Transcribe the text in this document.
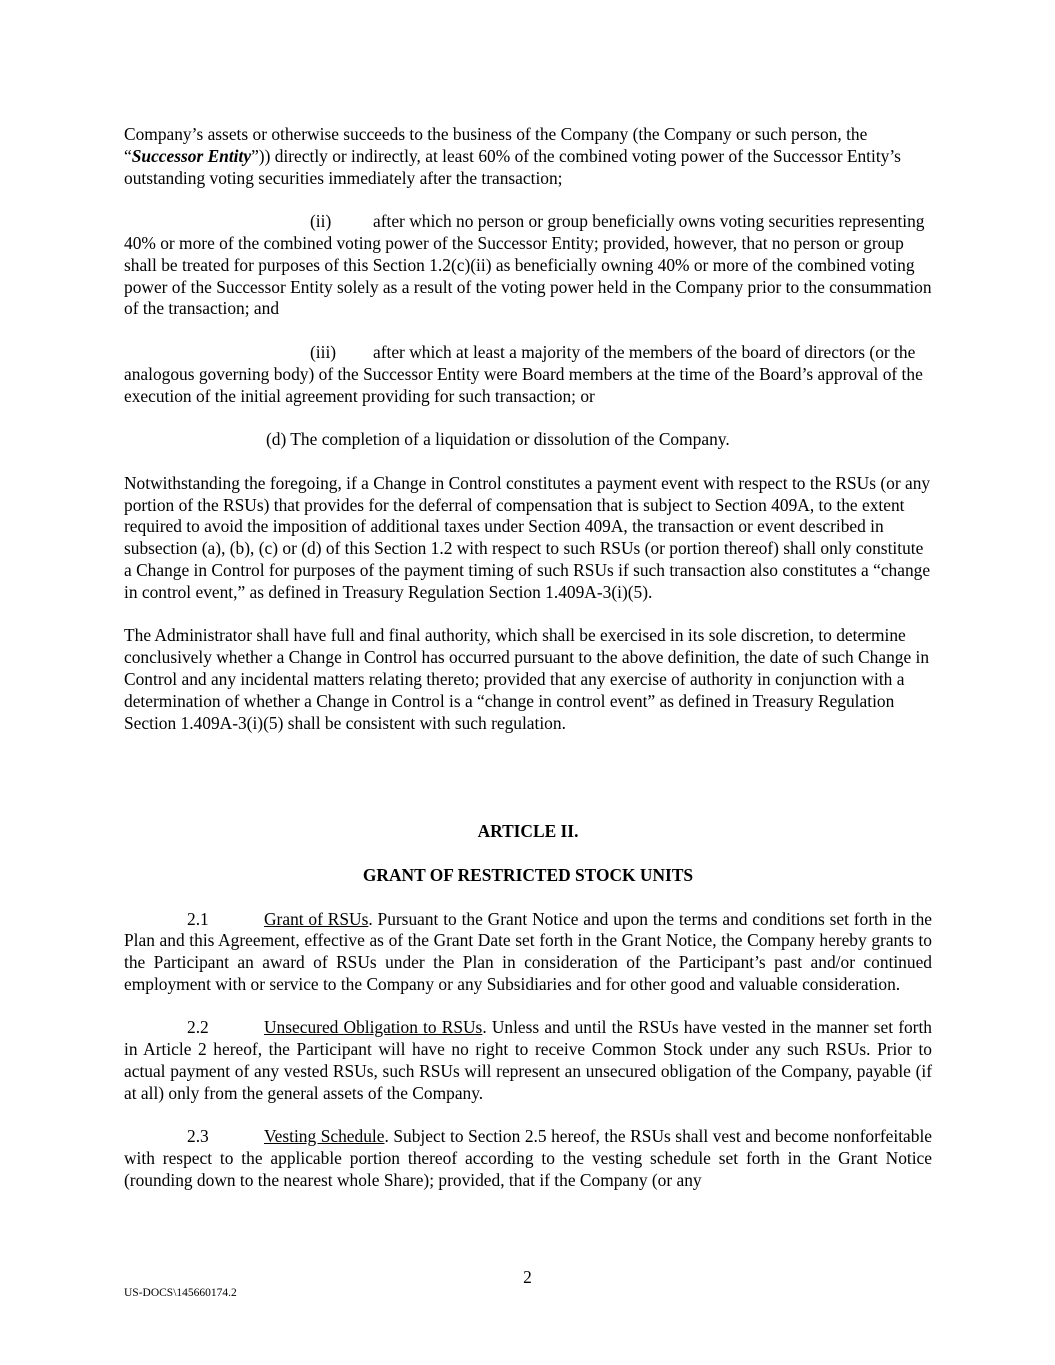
Company’s assets or otherwise succeeds to the business of the Company (the Company or such person, the “Successor Entity”)) directly or indirectly, at least 60% of the combined voting power of the Successor Entity’s outstanding voting securities immediately after the transaction;

(ii) after which no person or group beneficially owns voting securities representing 40% or more of the combined voting power of the Successor Entity; provided, however, that no person or group shall be treated for purposes of this Section 1.2(c)(ii) as beneficially owning 40% or more of the combined voting power of the Successor Entity solely as a result of the voting power held in the Company prior to the consummation of the transaction; and

(iii) after which at least a majority of the members of the board of directors (or the analogous governing body) of the Successor Entity were Board members at the time of the Board’s approval of the execution of the initial agreement providing for such transaction; or

(d) The completion of a liquidation or dissolution of the Company.

Notwithstanding the foregoing, if a Change in Control constitutes a payment event with respect to the RSUs (or any portion of the RSUs) that provides for the deferral of compensation that is subject to Section 409A, to the extent required to avoid the imposition of additional taxes under Section 409A, the transaction or event described in subsection (a), (b), (c) or (d) of this Section 1.2 with respect to such RSUs (or portion thereof) shall only constitute a Change in Control for purposes of the payment timing of such RSUs if such transaction also constitutes a “change in control event,” as defined in Treasury Regulation Section 1.409A-3(i)(5).

The Administrator shall have full and final authority, which shall be exercised in its sole discretion, to determine conclusively whether a Change in Control has occurred pursuant to the above definition, the date of such Change in Control and any incidental matters relating thereto; provided that any exercise of authority in conjunction with a determination of whether a Change in Control is a “change in control event” as defined in Treasury Regulation Section 1.409A-3(i)(5) shall be consistent with such regulation.

ARTICLE II.

GRANT OF RESTRICTED STOCK UNITS

2.1	Grant of RSUs. Pursuant to the Grant Notice and upon the terms and conditions set forth in the Plan and this Agreement, effective as of the Grant Date set forth in the Grant Notice, the Company hereby grants to the Participant an award of RSUs under the Plan in consideration of the Participant’s past and/or continued employment with or service to the Company or any Subsidiaries and for other good and valuable consideration.

2.2	Unsecured Obligation to RSUs. Unless and until the RSUs have vested in the manner set forth in Article 2 hereof, the Participant will have no right to receive Common Stock under any such RSUs. Prior to actual payment of any vested RSUs, such RSUs will represent an unsecured obligation of the Company, payable (if at all) only from the general assets of the Company.

2.3	Vesting Schedule. Subject to Section 2.5 hereof, the RSUs shall vest and become nonforfeitable with respect to the applicable portion thereof according to the vesting schedule set forth in the Grant Notice (rounding down to the nearest whole Share); provided, that if the Company (or any

2
US-DOCS\145660174.2
